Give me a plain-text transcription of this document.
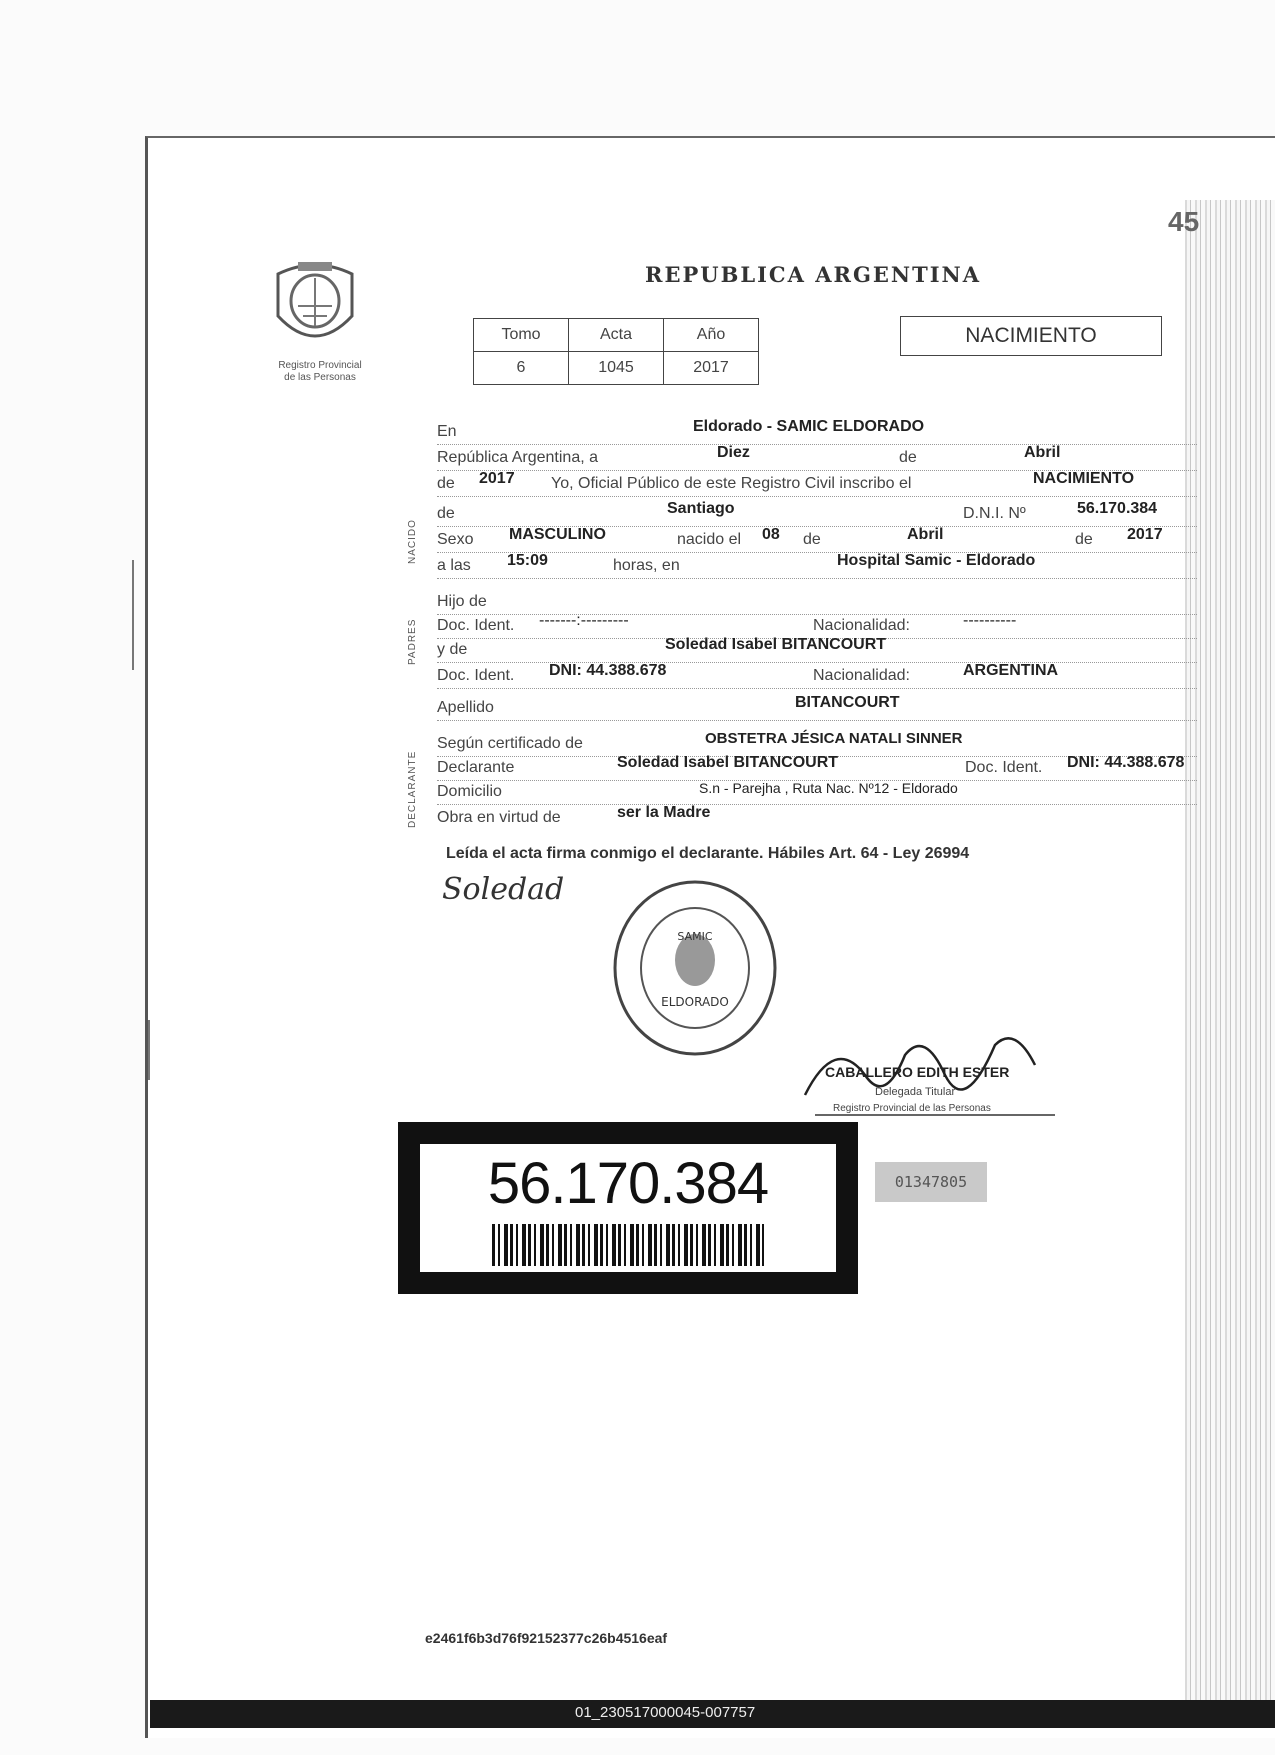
45
Registro Provincial
de las Personas
REPUBLICA ARGENTINA
Tomo	Acta	Año
6	1045	2017
NACIMIENTO
NACIDO
PADRES
DECLARANTE
En	Eldorado - SAMIC ELDORADO
República Argentina, a	Diez	de	Abril
de 2017 Yo, Oficial Público de este Registro Civil inscribo el	NACIMIENTO
de	Santiago	D.N.I. Nº	56.170.384
Sexo MASCULINO	nacido el 08 de	Abril	de 2017
a las 15:09	horas, en	Hospital Samic - Eldorado
Hijo de
Doc. Ident. -------:---------	Nacionalidad:	----------
y de	Soledad Isabel BITANCOURT
Doc. Ident. DNI: 44.388.678	Nacionalidad:	ARGENTINA
Apellido	BITANCOURT
Según certificado de	OBSTETRA JÉSICA NATALI SINNER
Declarante	Soledad Isabel BITANCOURT	Doc. Ident. DNI: 44.388.678
Domicilio	S.n - Parejha , Ruta Nac. Nº12 - Eldorado
Obra en virtud de	ser la Madre
Leída el acta firma conmigo el declarante. Hábiles Art. 64 - Ley 26994
Soledad
ELDORADO
SAMIC
CABALLERO EDITH ESTER
Delegada Titular
Registro Provincial de las Personas
56.170.384	01347805
e2461f6b3d76f92152377c26b4516eaf
01_230517000045-007757
